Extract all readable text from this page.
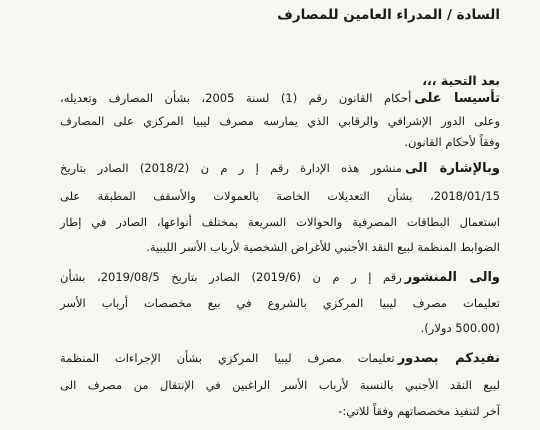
السادة / المدراء العامين للمصارف
بعد التحية ،،،
تأسيسا علىأحكام القانون رقم (1) لسنة 2005، بشأن المصارف وتعديله،
وعلى الدور الإشرافي والرقابي الذي يمارسه مصرف ليبيا المركزي على المصارف
وفقاً لأحكام القانون.
وبالإشارة الىمنشور هذه الإدارة رقم إ ر م ن (2018/2) الصادر بتاريخ
2018/01/15، بشأن التعديلات الخاصة بالعمولات والأسقف المطبقة على
استعمال البطاقات المصرفية والحوالات السريعة بمختلف أنواعها، الصادر في إطار
الضوابط المنظمة لبيع النقد الأجنبي للأغراض الشخصية لأرباب الأسر الليبية.
والى المنشوررقم إ ر م ن (2019/6) الصادر بتاريخ 2019/08/5، بشأن
تعليمات مصرف ليبيا المركزي بالشروع في بيع مخصصات أرباب الأسر
(500.00 دولار).
نفيدكم بصدورتعليمات مصرف ليبيا المركزي بشأن الإجراءات المنظمة
لبيع النقد الأجنبي بالنسبة لأرباب الأسر الراغبين في الإنتقال من مصرف الى
آخر لتنفيذ مخصصاتهم وفقاً للاتي:-
